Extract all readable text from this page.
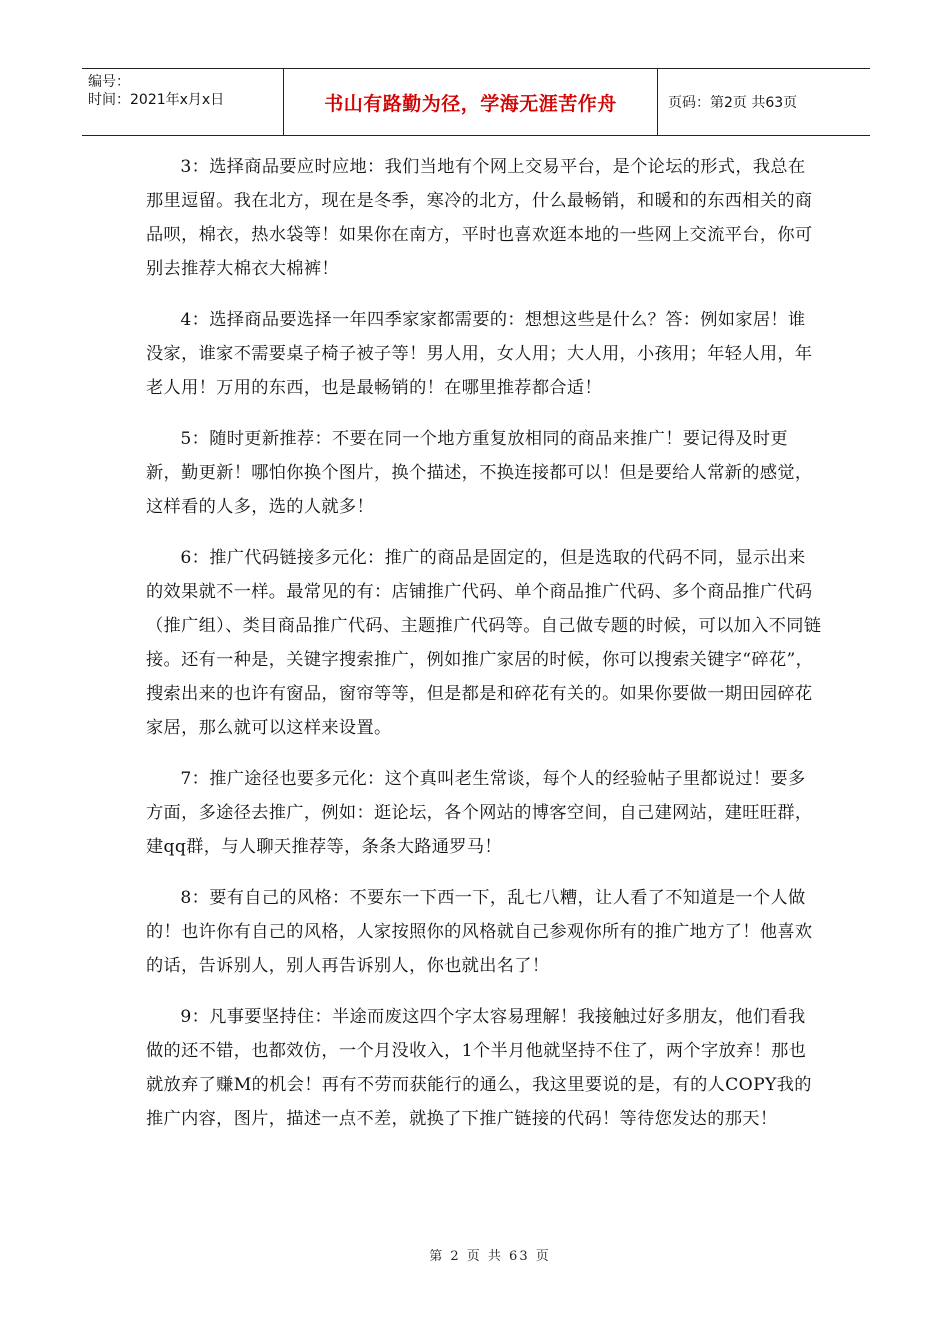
编号：
时间：2021年x月x日	书山有路勤为径，学海无涯苦作舟	页码：第2页 共63页

3：选择商品要应时应地：我们当地有个网上交易平台，是个论坛的形式，我总在那里逗留。我在北方，现在是冬季，寒冷的北方，什么最畅销，和暖和的东西相关的商品呗，棉衣，热水袋等！如果你在南方，平时也喜欢逛本地的一些网上交流平台，你可别去推荐大棉衣大棉裤！

4：选择商品要选择一年四季家家都需要的：想想这些是什么？答：例如家居！谁没家，谁家不需要桌子椅子被子等！男人用，女人用；大人用，小孩用；年轻人用，年老人用！万用的东西，也是最畅销的！在哪里推荐都合适！

5：随时更新推荐：不要在同一个地方重复放相同的商品来推广！要记得及时更新，勤更新！哪怕你换个图片，换个描述，不换连接都可以！但是要给人常新的感觉，这样看的人多，选的人就多！

6：推广代码链接多元化：推广的商品是固定的，但是选取的代码不同，显示出来的效果就不一样。最常见的有：店铺推广代码、单个商品推广代码、多个商品推广代码（推广组）、类目商品推广代码、主题推广代码等。自己做专题的时候，可以加入不同链接。还有一种是，关键字搜索推广，例如推广家居的时候，你可以搜索关键字“碎花”，搜索出来的也许有窗品，窗帘等等，但是都是和碎花有关的。如果你要做一期田园碎花家居，那么就可以这样来设置。

7：推广途径也要多元化：这个真叫老生常谈，每个人的经验帖子里都说过！要多方面，多途径去推广，例如：逛论坛，各个网站的博客空间，自己建网站，建旺旺群，建qq群，与人聊天推荐等，条条大路通罗马！

8：要有自己的风格：不要东一下西一下，乱七八糟，让人看了不知道是一个人做的！也许你有自己的风格，人家按照你的风格就自己参观你所有的推广地方了！他喜欢的话，告诉别人，别人再告诉别人，你也就出名了！

9：凡事要坚持住：半途而废这四个字太容易理解！我接触过好多朋友，他们看我做的还不错，也都效仿，一个月没收入，1个半月他就坚持不住了，两个字放弃！那也就放弃了赚M的机会！再有不劳而获能行的通么，我这里要说的是，有的人COPY我的推广内容，图片，描述一点不差，就换了下推广链接的代码！等待您发达的那天！

第 2 页 共 63 页
